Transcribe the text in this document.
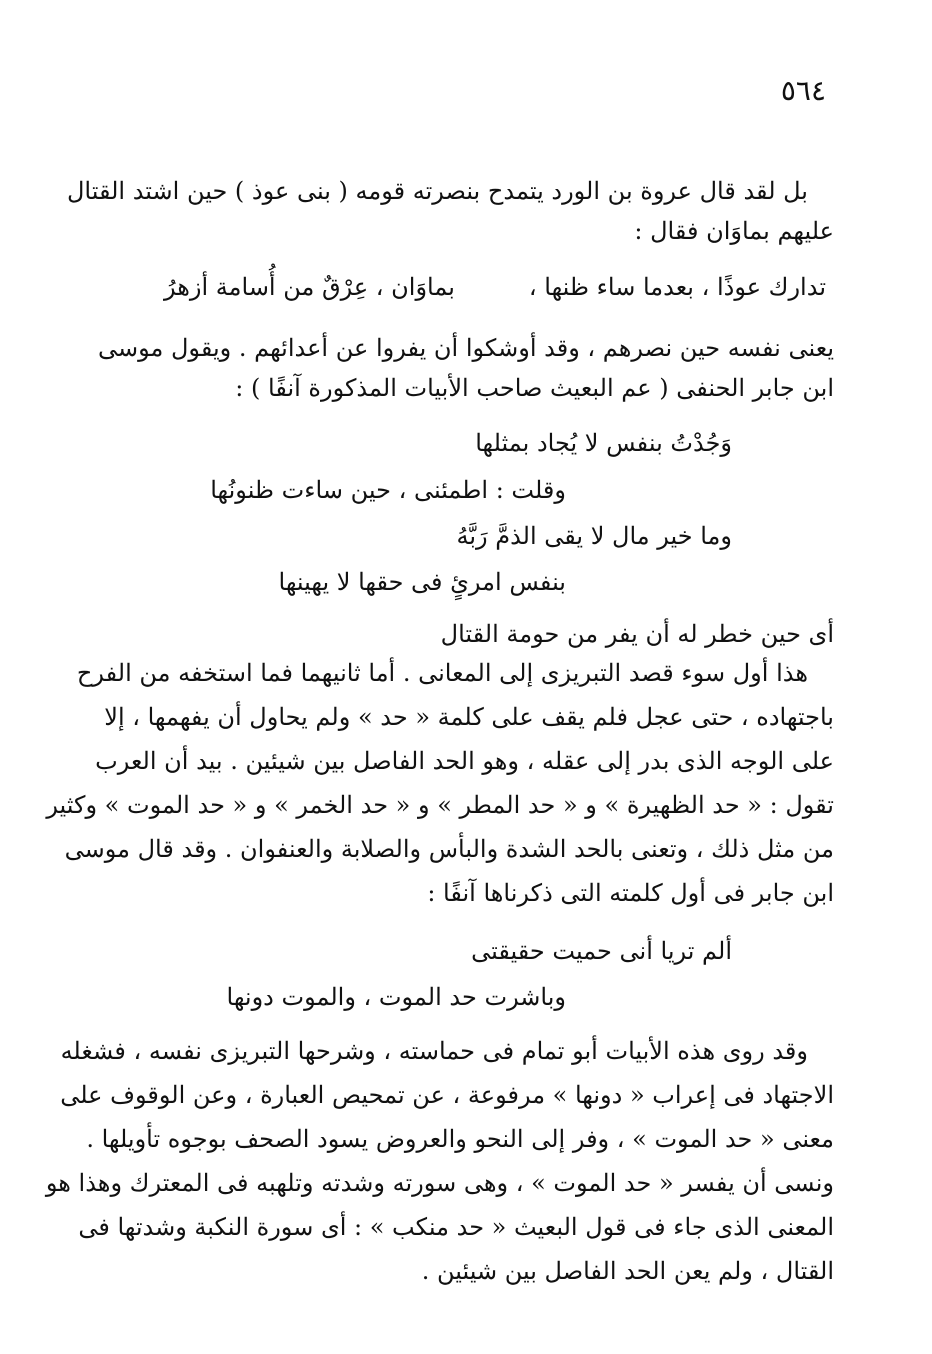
٥٦٤
بل لقد قال عروة بن الورد يتمدح بنصرته قومه ( بنى عوذ ) حين اشتد القتال
عليهم بماوَان فقال :
تدارك عوذًا ، بعدما ساء ظنها ،
بماوَان ، عِرْقٌ من أُسامة أزهرُ
يعنى نفسه حين نصرهم ، وقد أوشكوا أن يفروا عن أعدائهم . ويقول موسى
ابن جابر الحنفى ( عم البعيث صاحب الأبيات المذكورة آنفًا ) :
وَجُدْتُ بنفس لا يُجاد بمثلها
وقلت : اطمئنى ، حين ساءت ظنونُها
وما خير مال لا يقى الذمَّ رَبَّهُ
بنفس امرئٍ فى حقها لا يهينها
أى حين خطر له أن يفر من حومة القتال
هذا أول سوء قصد التبريزى إلى المعانى . أما ثانيهما فما استخفه من الفرح
باجتهاده ، حتى عجل فلم يقف على كلمة « حد » ولم يحاول أن يفهمها ، إلا
على الوجه الذى بدر إلى عقله ، وهو الحد الفاصل بين شيئين . بيد أن العرب
تقول : « حد الظهيرة » و « حد المطر » و « حد الخمر » و « حد الموت » وكثير
من مثل ذلك ، وتعنى بالحد الشدة والبأس والصلابة والعنفوان . وقد قال موسى
ابن جابر فى أول كلمته التى ذكرناها آنفًا :
ألم تريا أنى حميت حقيقتى
وباشرت حد الموت ، والموت دونها
وقد روى هذه الأبيات أبو تمام فى حماسته ، وشرحها التبريزى نفسه ، فشغله
الاجتهاد فى إعراب « دونها » مرفوعة ، عن تمحيص العبارة ، وعن الوقوف على
معنى « حد الموت » ، وفر إلى النحو والعروض يسود الصحف بوجوه تأويلها .
ونسى أن يفسر « حد الموت » ، وهى سورته وشدته وتلهبه فى المعترك وهذا هو
المعنى الذى جاء فى قول البعيث « حد منكب » : أى سورة النكبة وشدتها فى
القتال ، ولم يعن الحد الفاصل بين شيئين .
